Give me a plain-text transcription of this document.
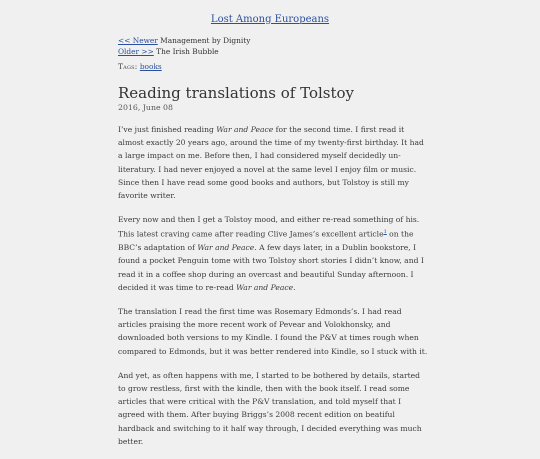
Lost Among Europeans
<< Newer Management by Dignity
Older >> The Irish Bubble
Tags: books
Reading translations of Tolstoy
2016, June 08

I’ve just finished reading War and Peace for the second time. I first read it almost exactly 20 years ago, around the time of my twenty-first birthday. It had a large impact on me. Before then, I had considered myself decidedly un-literatury. I had never enjoyed a novel at the same level I enjoy film or music. Since then I have read some good books and authors, but Tolstoy is still my favorite writer.

Every now and then I get a Tolstoy mood, and either re-read something of his. This latest craving came after reading Clive James’s excellent article$^1$ on the BBC’s adaptation of War and Peace. A few days later, in a Dublin bookstore, I found a pocket Penguin tome with two Tolstoy short stories I didn’t know, and I read it in a coffee shop during an overcast and beautiful Sunday afternoon. I decided it was time to re-read War and Peace.

The translation I read the first time was Rosemary Edmonds’s. I had read articles praising the more recent work of Pevear and Volokhonsky, and downloaded both versions to my Kindle. I found the P&V at times rough when compared to Edmonds, but it was better rendered into Kindle, so I stuck with it.

And yet, as often happens with me, I started to be bothered by details, started to grow restless, first with the kindle, then with the book itself. I read some articles that were critical with the P&V translation, and told myself that I agreed with them. After buying Briggs’s 2008 recent edition on beatiful hardback and switching to it half way through, I decided everything was much better.
